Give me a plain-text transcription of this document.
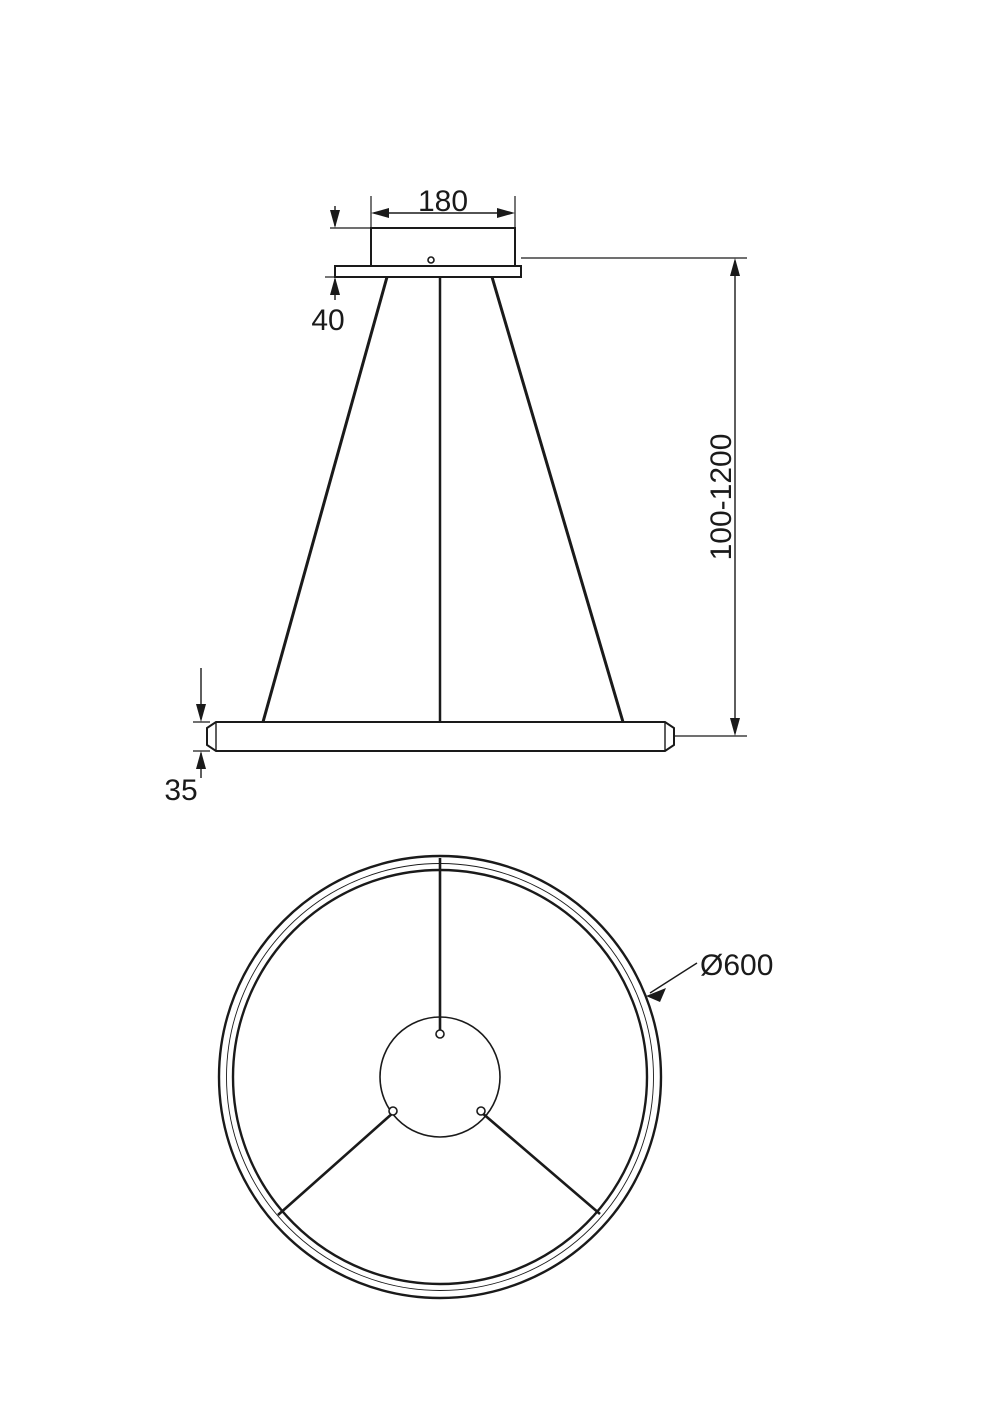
180
40
100-1200
35
Ø600
